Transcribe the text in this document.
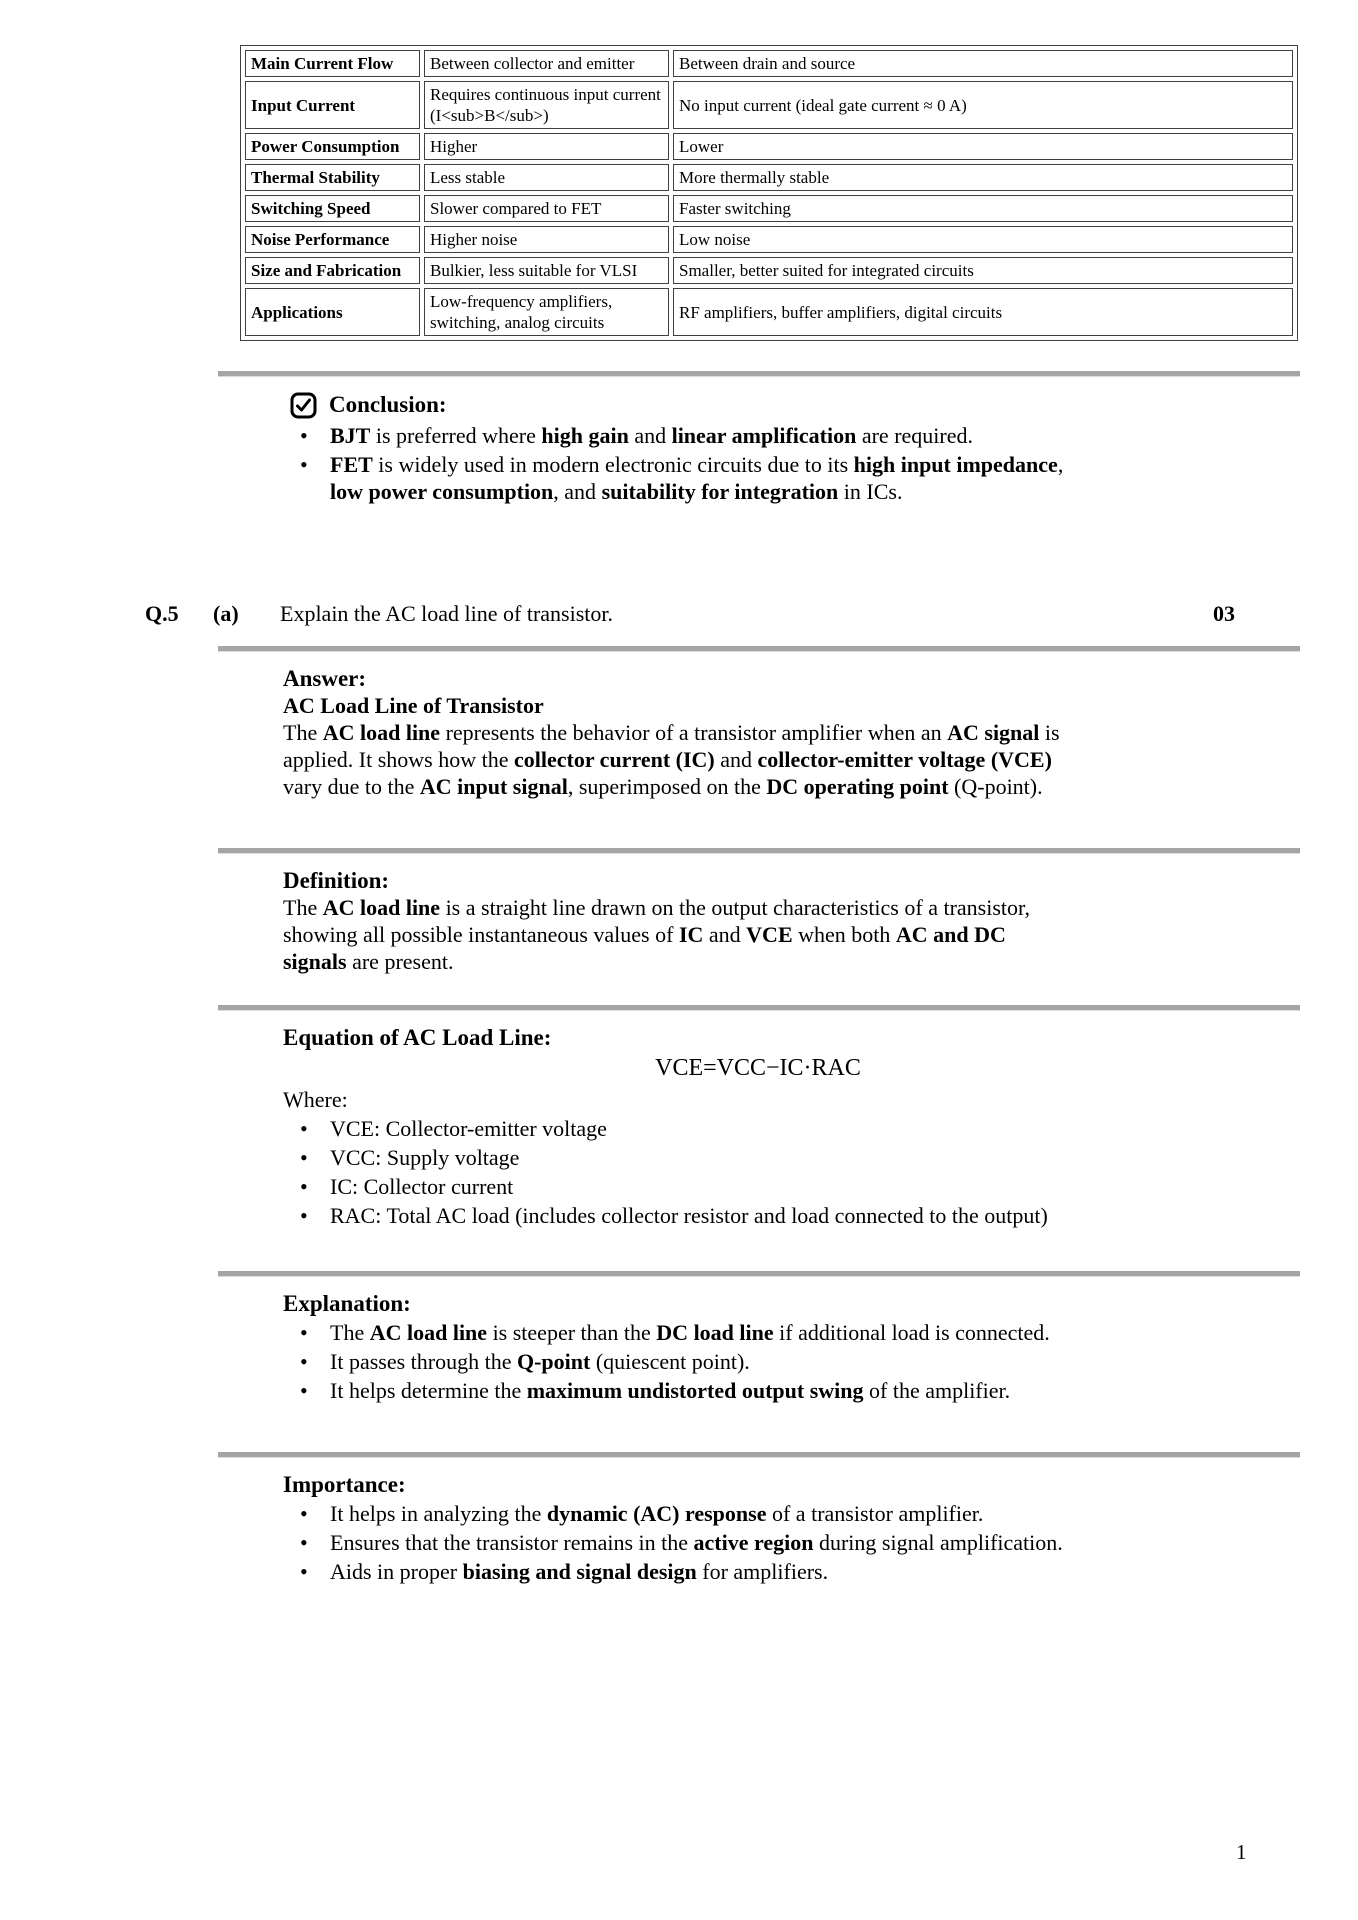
Main Current Flow	Between collector and emitter	Between drain and source
Input Current	Requires continuous input current (I<sub>B</sub>)	No input current (ideal gate current ≈ 0 A)
Power Consumption	Higher	Lower
Thermal Stability	Less stable	More thermally stable
Switching Speed	Slower compared to FET	Faster switching
Noise Performance	Higher noise	Low noise
Size and Fabrication	Bulkier, less suitable for VLSI	Smaller, better suited for integrated circuits
Applications	Low-frequency amplifiers, switching, analog circuits	RF amplifiers, buffer amplifiers, digital circuits
Conclusion:
•	BJT is preferred where high gain and linear amplification are required.
•	FET is widely used in modern electronic circuits due to its high input impedance, low power consumption, and suitability for integration in ICs.
Q.5	(a)	Explain the AC load line of transistor.	03
Answer:
AC Load Line of Transistor
The AC load line represents the behavior of a transistor amplifier when an AC signal is applied. It shows how the collector current (IC) and collector-emitter voltage (VCE) vary due to the AC input signal, superimposed on the DC operating point (Q-point).
Definition:
The AC load line is a straight line drawn on the output characteristics of a transistor, showing all possible instantaneous values of IC and VCE when both AC and DC signals are present.
Equation of AC Load Line:
VCE=VCC−IC·RAC
Where:
•	VCE: Collector-emitter voltage
•	VCC: Supply voltage
•	IC: Collector current
•	RAC: Total AC load (includes collector resistor and load connected to the output)
Explanation:
•	The AC load line is steeper than the DC load line if additional load is connected.
•	It passes through the Q-point (quiescent point).
•	It helps determine the maximum undistorted output swing of the amplifier.
Importance:
•	It helps in analyzing the dynamic (AC) response of a transistor amplifier.
•	Ensures that the transistor remains in the active region during signal amplification.
•	Aids in proper biasing and signal design for amplifiers.
1
